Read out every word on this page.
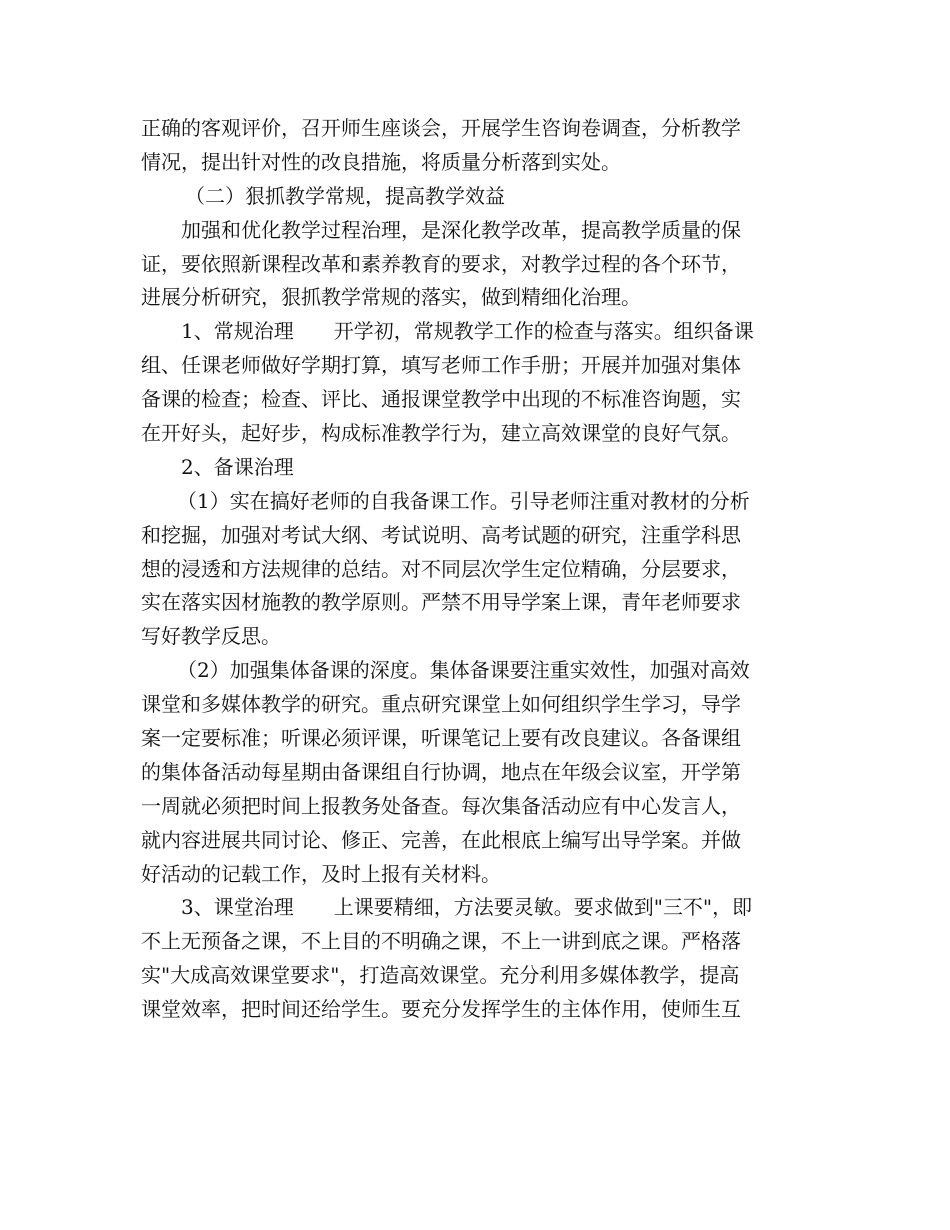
正确的客观评价，召开师生座谈会，开展学生咨询卷调查，分析教学
情况，提出针对性的改良措施，将质量分析落到实处。
（二）狠抓教学常规，提高教学效益
加强和优化教学过程治理，是深化教学改革，提高教学质量的保
证，要依照新课程改革和素养教育的要求，对教学过程的各个环节，
进展分析研究，狠抓教学常规的落实，做到精细化治理。
1、常规治理　　开学初，常规教学工作的检查与落实。组织备课
组、任课老师做好学期打算，填写老师工作手册；开展并加强对集体
备课的检查；检查、评比、通报课堂教学中出现的不标准咨询题，实
在开好头，起好步，构成标准教学行为，建立高效课堂的良好气氛。
2、备课治理
（1）实在搞好老师的自我备课工作。引导老师注重对教材的分析
和挖掘，加强对考试大纲、考试说明、高考试题的研究，注重学科思
想的浸透和方法规律的总结。对不同层次学生定位精确，分层要求，
实在落实因材施教的教学原则。严禁不用导学案上课，青年老师要求
写好教学反思。
（2）加强集体备课的深度。集体备课要注重实效性，加强对高效
课堂和多媒体教学的研究。重点研究课堂上如何组织学生学习，导学
案一定要标准；听课必须评课，听课笔记上要有改良建议。各备课组
的集体备活动每星期由备课组自行协调，地点在年级会议室，开学第
一周就必须把时间上报教务处备查。每次集备活动应有中心发言人，
就内容进展共同讨论、修正、完善，在此根底上编写出导学案。并做
好活动的记载工作，及时上报有关材料。
3、课堂治理　　上课要精细，方法要灵敏。要求做到"三不"，即
不上无预备之课，不上目的不明确之课，不上一讲到底之课。严格落
实"大成高效课堂要求"，打造高效课堂。充分利用多媒体教学，提高
课堂效率，把时间还给学生。要充分发挥学生的主体作用，使师生互
